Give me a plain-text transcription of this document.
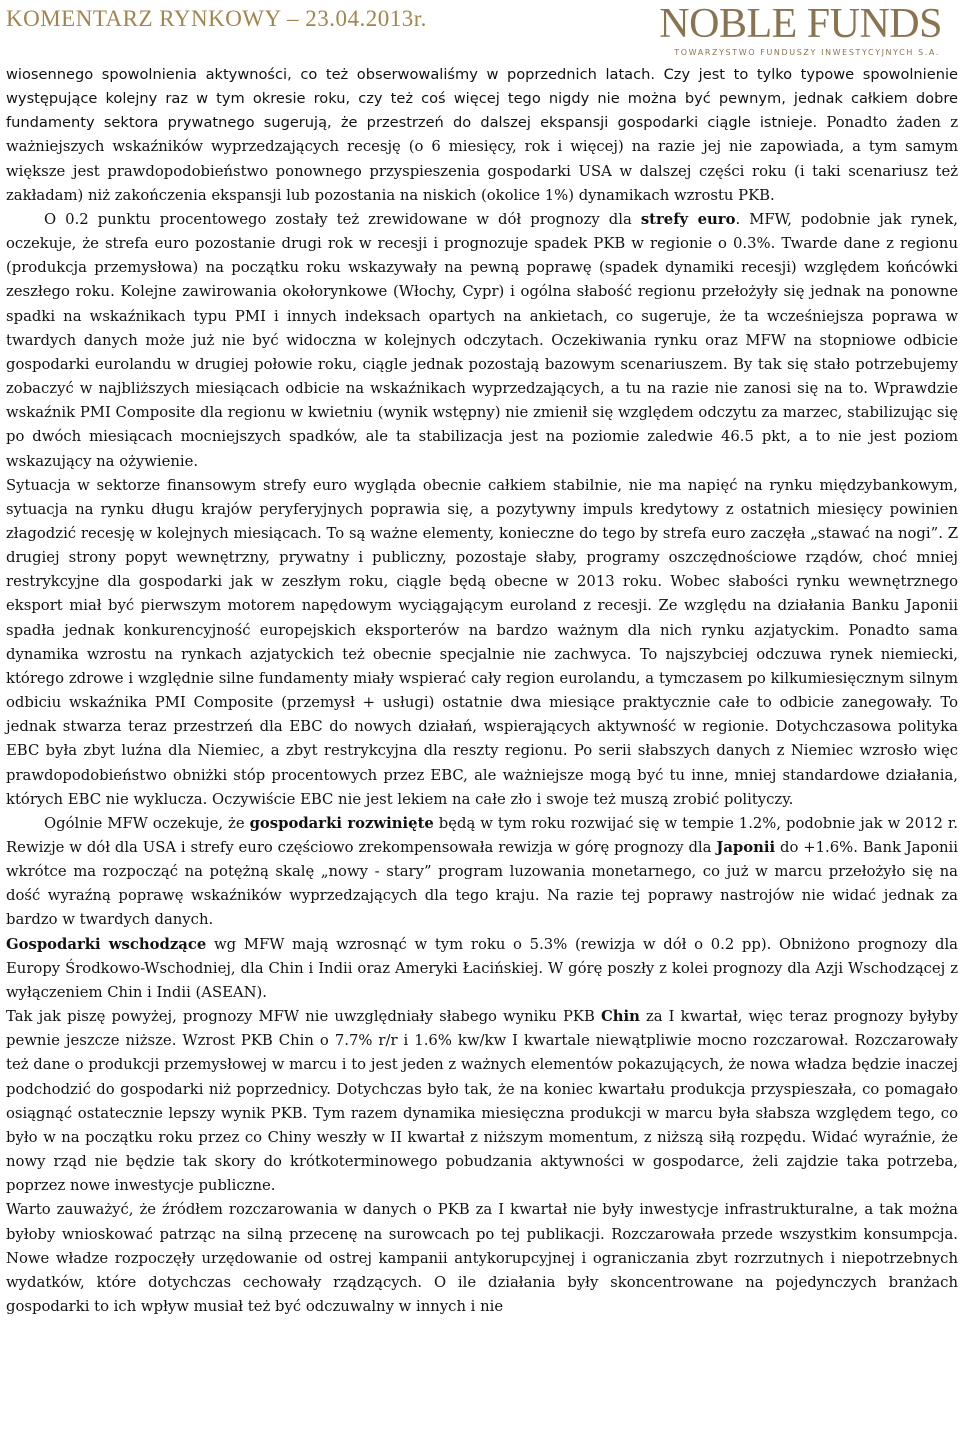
KOMENTARZ RYNKOWY – 23.04.2013r.	NOBLE FUNDS
TOWARZYSTWO FUNDUSZY INWESTYCYJNYCH S.A.

wiosennego spowolnienia aktywności, co też obserwowaliśmy w poprzednich latach. Czy jest to tylko typowe spowolnienie występujące kolejny raz w tym okresie roku, czy też coś więcej tego nigdy nie można być pewnym, jednak całkiem dobre fundamenty sektora prywatnego sugerują, że przestrzeń do dalszej ekspansji gospodarki ciągle istnieje. Ponadto żaden z ważniejszych wskaźników wyprzedzających recesję (o 6 miesięcy, rok i więcej) na razie jej nie zapowiada, a tym samym większe jest prawdopodobieństwo ponownego przyspieszenia gospodarki USA w dalszej części roku (i taki scenariusz też zakładam) niż zakończenia ekspansji lub pozostania na niskich (okolice 1%) dynamikach wzrostu PKB.

O 0.2 punktu procentowego zostały też zrewidowane w dół prognozy dla strefy euro. MFW, podobnie jak rynek, oczekuje, że strefa euro pozostanie drugi rok w recesji i prognozuje spadek PKB w regionie o 0.3%. Twarde dane z regionu (produkcja przemysłowa) na początku roku wskazywały na pewną poprawę (spadek dynamiki recesji) względem końcówki zeszłego roku. Kolejne zawirowania okołorynkowe (Włochy, Cypr) i ogólna słabość regionu przełożyły się jednak na ponowne spadki na wskaźnikach typu PMI i innych indeksach opartych na ankietach, co sugeruje, że ta wcześniejsza poprawa w twardych danych może już nie być widoczna w kolejnych odczytach. Oczekiwania rynku oraz MFW na stopniowe odbicie gospodarki eurolandu w drugiej połowie roku, ciągle jednak pozostają bazowym scenariuszem. By tak się stało potrzebujemy zobaczyć w najbliższych miesiącach odbicie na wskaźnikach wyprzedzających, a tu na razie nie zanosi się na to. Wprawdzie wskaźnik PMI Composite dla regionu w kwietniu (wynik wstępny) nie zmienił się względem odczytu za marzec, stabilizując się po dwóch miesiącach mocniejszych spadków, ale ta stabilizacja jest na poziomie zaledwie 46.5 pkt, a to nie jest poziom wskazujący na ożywienie.

Sytuacja w sektorze finansowym strefy euro wygląda obecnie całkiem stabilnie, nie ma napięć na rynku międzybankowym, sytuacja na rynku długu krajów peryferyjnych poprawia się, a pozytywny impuls kredytowy z ostatnich miesięcy powinien złagodzić recesję w kolejnych miesiącach. To są ważne elementy, konieczne do tego by strefa euro zaczęła „stawać na nogi”. Z drugiej strony popyt wewnętrzny, prywatny i publiczny, pozostaje słaby, programy oszczędnościowe rządów, choć mniej restrykcyjne dla gospodarki jak w zeszłym roku, ciągle będą obecne w 2013 roku. Wobec słabości rynku wewnętrznego eksport miał być pierwszym motorem napędowym wyciągającym euroland z recesji. Ze względu na działania Banku Japonii spadła jednak konkurencyjność europejskich eksporterów na bardzo ważnym dla nich rynku azjatyckim. Ponadto sama dynamika wzrostu na rynkach azjatyckich też obecnie specjalnie nie zachwyca. To najszybciej odczuwa rynek niemiecki, którego zdrowe i względnie silne fundamenty miały wspierać cały region eurolandu, a tymczasem po kilkumiesięcznym silnym odbiciu wskaźnika PMI Composite (przemysł + usługi) ostatnie dwa miesiące praktycznie całe to odbicie zanegowały. To jednak stwarza teraz przestrzeń dla EBC do nowych działań, wspierających aktywność w regionie. Dotychczasowa polityka EBC była zbyt luźna dla Niemiec, a zbyt restrykcyjna dla reszty regionu. Po serii słabszych danych z Niemiec wzrosło więc prawdopodobieństwo obniżki stóp procentowych przez EBC, ale ważniejsze mogą być tu inne, mniej standardowe działania, których EBC nie wyklucza. Oczywiście EBC nie jest lekiem na całe zło i swoje też muszą zrobić polityczy.

Ogólnie MFW oczekuje, że gospodarki rozwinięte będą w tym roku rozwijać się w tempie 1.2%, podobnie jak w 2012 r. Rewizje w dół dla USA i strefy euro częściowo zrekompensowała rewizja w górę prognozy dla Japonii do +1.6%. Bank Japonii wkrótce ma rozpocząć na potężną skalę „nowy - stary” program luzowania monetarnego, co już w marcu przełożyło się na dość wyraźną poprawę wskaźników wyprzedzających dla tego kraju. Na razie tej poprawy nastrojów nie widać jednak za bardzo w twardych danych.

Gospodarki wschodzące wg MFW mają wzrosnąć w tym roku o 5.3% (rewizja w dół o 0.2 pp). Obniżono prognozy dla Europy Środkowo-Wschodniej, dla Chin i Indii oraz Ameryki Łacińskiej. W górę poszły z kolei prognozy dla Azji Wschodzącej z wyłączeniem Chin i Indii (ASEAN).

Tak jak piszę powyżej, prognozy MFW nie uwzględniały słabego wyniku PKB Chin za I kwartał, więc teraz prognozy byłyby pewnie jeszcze niższe. Wzrost PKB Chin o 7.7% r/r i 1.6% kw/kw I kwartale niewątpliwie mocno rozczarował. Rozczarowały też dane o produkcji przemysłowej w marcu i to jest jeden z ważnych elementów pokazujących, że nowa władza będzie inaczej podchodzić do gospodarki niż poprzednicy. Dotychczas było tak, że na koniec kwartału produkcja przyspieszała, co pomagało osiągnąć ostatecznie lepszy wynik PKB. Tym razem dynamika miesięczna produkcji w marcu była słabsza względem tego, co było w na początku roku przez co Chiny weszły w II kwartał z niższym momentum, z niższą siłą rozpędu. Widać wyraźnie, że nowy rząd nie będzie tak skory do krótkoterminowego pobudzania aktywności w gospodarce, żeli zajdzie taka potrzeba, poprzez nowe inwestycje publiczne.

Warto zauważyć, że źródłem rozczarowania w danych o PKB za I kwartał nie były inwestycje infrastrukturalne, a tak można byłoby wnioskować patrząc na silną przecenę na surowcach po tej publikacji. Rozczarowała przede wszystkim konsumpcja. Nowe władze rozpoczęły urzędowanie od ostrej kampanii antykorupcyjnej i ograniczania zbyt rozrzutnych i niepotrzebnych wydatków, które dotychczas cechowały rządzących. O ile działania były skoncentrowane na pojedynczych branżach gospodarki to ich wpływ musiał też być odczuwalny w innych i nie
